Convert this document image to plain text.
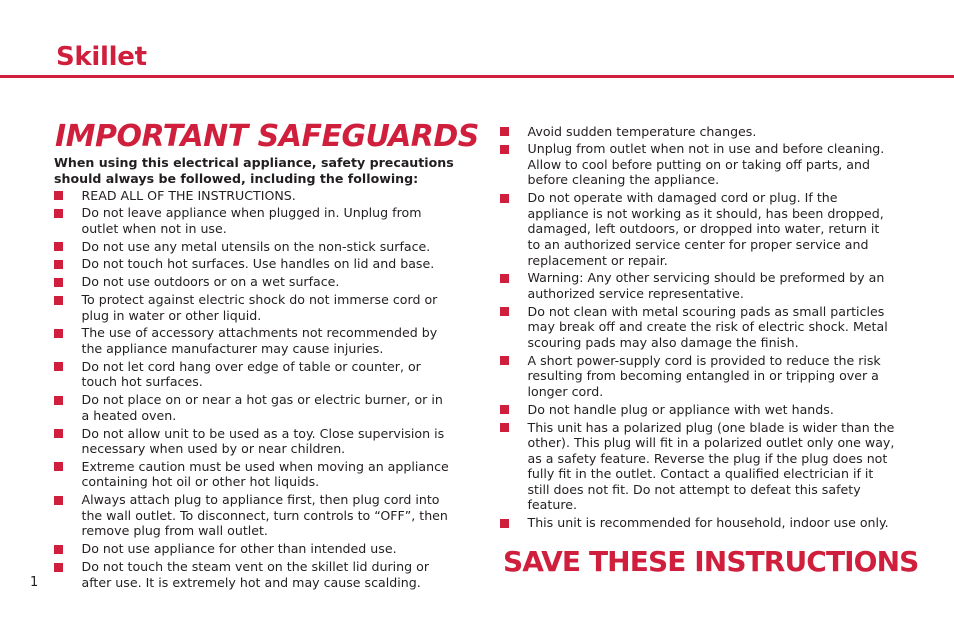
Skillet
IMPORTANT SAFEGUARDS

When using this electrical appliance, safety precautions should always be followed, including the following:

READ ALL OF THE INSTRUCTIONS.
Do not leave appliance when plugged in. Unplug from outlet when not in use.
Do not use any metal utensils on the non-stick surface.
Do not touch hot surfaces. Use handles on lid and base.
Do not use outdoors or on a wet surface.
To protect against electric shock do not immerse cord or plug in water or other liquid.
The use of accessory attachments not recommended by the appliance manufacturer may cause injuries.
Do not let cord hang over edge of table or counter, or touch hot surfaces.
Do not place on or near a hot gas or electric burner, or in a heated oven.
Do not allow unit to be used as a toy. Close supervision is necessary when used by or near children.
Extreme caution must be used when moving an appliance containing hot oil or other hot liquids.
Always attach plug to appliance first, then plug cord into the wall outlet. To disconnect, turn controls to “OFF”, then remove plug from wall outlet.
Do not use appliance for other than intended use.
Do not touch the steam vent on the skillet lid during or after use. It is extremely hot and may cause scalding.
Avoid sudden temperature changes.
Unplug from outlet when not in use and before cleaning. Allow to cool before putting on or taking off parts, and before cleaning the appliance.
Do not operate with damaged cord or plug. If the appliance is not working as it should, has been dropped, damaged, left outdoors, or dropped into water, return it to an authorized service center for proper service and replacement or repair.
Warning: Any other servicing should be preformed by an authorized service representative.
Do not clean with metal scouring pads as small particles may break off and create the risk of electric shock. Metal scouring pads may also damage the finish.
A short power-supply cord is provided to reduce the risk resulting from becoming entangled in or tripping over a longer cord.
Do not handle plug or appliance with wet hands.
This unit has a polarized plug (one blade is wider than the other). This plug will fit in a polarized outlet only one way, as a safety feature. Reverse the plug if the plug does not fully fit in the outlet. Contact a qualified electrician if it still does not fit. Do not attempt to defeat this safety feature.
This unit is recommended for household, indoor use only.
SAVE THESE INSTRUCTIONS
1
